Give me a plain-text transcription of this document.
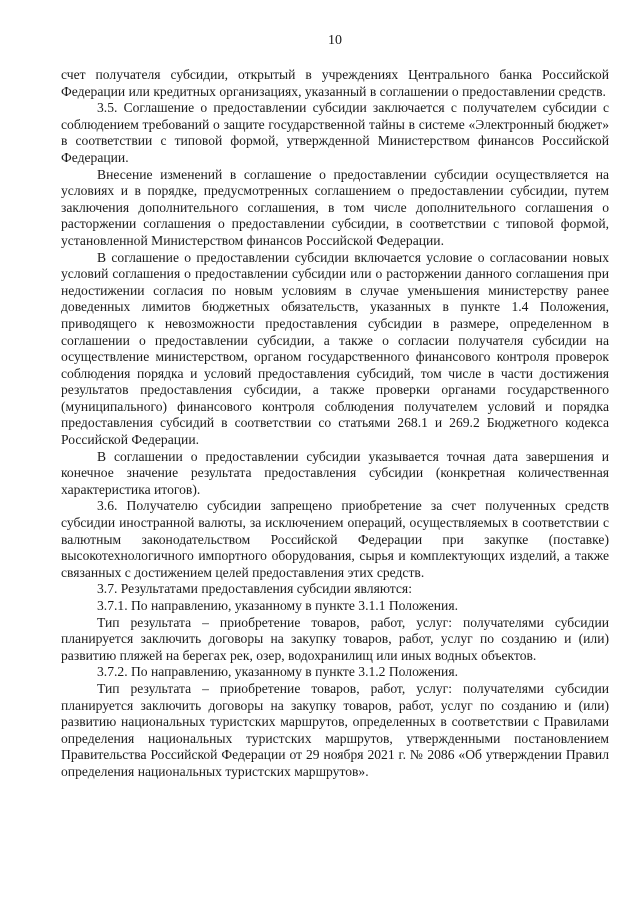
10

счет получателя субсидии, открытый в учреждениях Центрального банка Российской Федерации или кредитных организациях, указанный в соглашении о предоставлении средств.

3.5. Соглашение о предоставлении субсидии заключается с получателем субсидии с соблюдением требований о защите государственной тайны в системе «Электронный бюджет» в соответствии с типовой формой, утвержденной Министерством финансов Российской Федерации.

Внесение изменений в соглашение о предоставлении субсидии осуществляется на условиях и в порядке, предусмотренных соглашением о предоставлении субсидии, путем заключения дополнительного соглашения, в том числе дополнительного соглашения о расторжении соглашения о предоставлении субсидии, в соответствии с типовой формой, установленной Министерством финансов Российской Федерации.

В соглашение о предоставлении субсидии включается условие о согласовании новых условий соглашения о предоставлении субсидии или о расторжении данного соглашения при недостижении согласия по новым условиям в случае уменьшения министерству ранее доведенных лимитов бюджетных обязательств, указанных в пункте 1.4 Положения, приводящего к невозможности предоставления субсидии в размере, определенном в соглашении о предоставлении субсидии, а также о согласии получателя субсидии на осуществление министерством, органом государственного финансового контроля проверок соблюдения порядка и условий предоставления субсидий, том числе в части достижения результатов предоставления субсидии, а также проверки органами государственного (муниципального) финансового контроля соблюдения получателем условий и порядка предоставления субсидий в соответствии со статьями 268.1 и 269.2 Бюджетного кодекса Российской Федерации.

В соглашении о предоставлении субсидии указывается точная дата завершения и конечное значение результата предоставления субсидии (конкретная количественная характеристика итогов).

3.6. Получателю субсидии запрещено приобретение за счет полученных средств субсидии иностранной валюты, за исключением операций, осуществляемых в соответствии с валютным законодательством Российской Федерации при закупке (поставке) высокотехнологичного импортного оборудования, сырья и комплектующих изделий, а также связанных с достижением целей предоставления этих средств.

3.7. Результатами предоставления субсидии являются:

3.7.1. По направлению, указанному в пункте 3.1.1 Положения.

Тип результата – приобретение товаров, работ, услуг: получателями субсидии планируется заключить договоры на закупку товаров, работ, услуг по созданию и (или) развитию пляжей на берегах рек, озер, водохранилищ или иных водных объектов.

3.7.2. По направлению, указанному в пункте 3.1.2 Положения.

Тип результата – приобретение товаров, работ, услуг: получателями субсидии планируется заключить договоры на закупку товаров, работ, услуг по созданию и (или) развитию национальных туристских маршрутов, определенных в соответствии с Правилами определения национальных туристских маршрутов, утвержденными постановлением Правительства Российской Федерации от 29 ноября 2021 г. № 2086 «Об утверждении Правил определения национальных туристских маршрутов».
